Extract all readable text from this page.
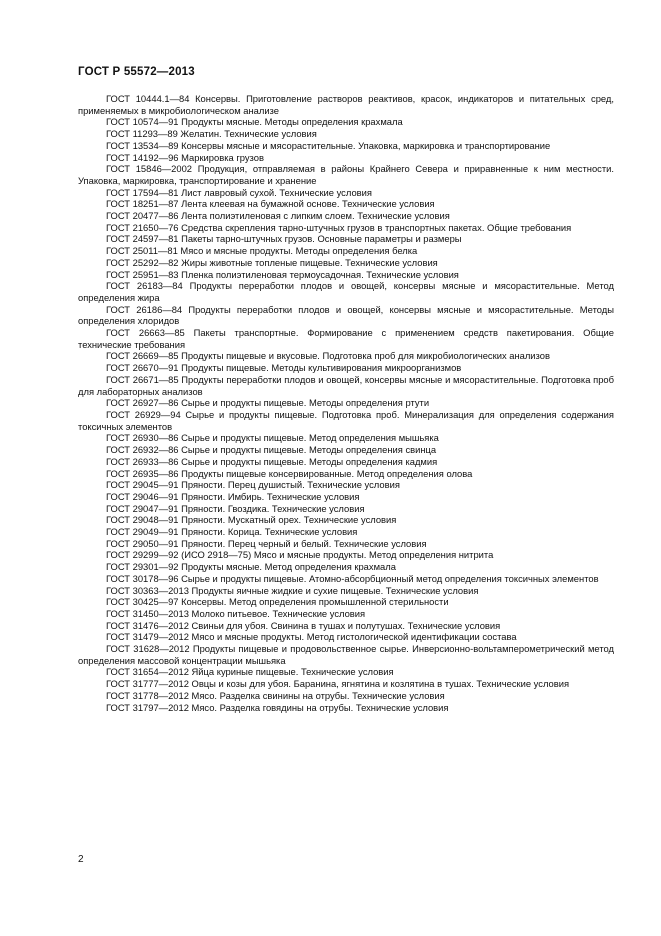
ГОСТ Р 55572—2013

ГОСТ 10444.1—84 Консервы. Приготовление растворов реактивов, красок, индикаторов и питательных сред, применяемых в микробиологическом анализе

ГОСТ 10574—91 Продукты мясные. Методы определения крахмала

ГОСТ 11293—89 Желатин. Технические условия

ГОСТ 13534—89 Консервы мясные и мясорастительные. Упаковка, маркировка и транспортирование

ГОСТ 14192—96 Маркировка грузов

ГОСТ 15846—2002 Продукция, отправляемая в районы Крайнего Севера и приравненные к ним местности. Упаковка, маркировка, транспортирование и хранение

ГОСТ 17594—81 Лист лавровый сухой. Технические условия

ГОСТ 18251—87 Лента клеевая на бумажной основе. Технические условия

ГОСТ 20477—86 Лента полиэтиленовая с липким слоем. Технические условия

ГОСТ 21650—76 Средства скрепления тарно-штучных грузов в транспортных пакетах. Общие требования

ГОСТ 24597—81 Пакеты тарно-штучных грузов. Основные параметры и размеры

ГОСТ 25011—81 Мясо и мясные продукты. Методы определения белка

ГОСТ 25292—82 Жиры животные топленые пищевые. Технические условия

ГОСТ 25951—83 Пленка полиэтиленовая термоусадочная. Технические условия

ГОСТ 26183—84 Продукты переработки плодов и овощей, консервы мясные и мясорастительные. Метод определения жира

ГОСТ 26186—84 Продукты переработки плодов и овощей, консервы мясные и мясорастительные. Методы определения хлоридов

ГОСТ 26663—85 Пакеты транспортные. Формирование с применением средств пакетирования. Общие технические требования

ГОСТ 26669—85 Продукты пищевые и вкусовые. Подготовка проб для микробиологических анализов

ГОСТ 26670—91 Продукты пищевые. Методы культивирования микроорганизмов

ГОСТ 26671—85 Продукты переработки плодов и овощей, консервы мясные и мясорастительные. Подготовка проб для лабораторных анализов

ГОСТ 26927—86 Сырье и продукты пищевые. Методы определения ртути

ГОСТ 26929—94 Сырье и продукты пищевые. Подготовка проб. Минерализация для определения содержания токсичных элементов

ГОСТ 26930—86 Сырье и продукты пищевые. Метод определения мышьяка

ГОСТ 26932—86 Сырье и продукты пищевые. Методы определения свинца

ГОСТ 26933—86 Сырье и продукты пищевые. Методы определения кадмия

ГОСТ 26935—86 Продукты пищевые консервированные. Метод определения олова

ГОСТ 29045—91 Пряности. Перец душистый. Технические условия

ГОСТ 29046—91 Пряности. Имбирь. Технические условия

ГОСТ 29047—91 Пряности. Гвоздика. Технические условия

ГОСТ 29048—91 Пряности. Мускатный орех. Технические условия

ГОСТ 29049—91 Пряности. Корица. Технические условия

ГОСТ 29050—91 Пряности. Перец черный и белый. Технические условия

ГОСТ 29299—92 (ИСО 2918—75) Мясо и мясные продукты. Метод определения нитрита

ГОСТ 29301—92 Продукты мясные. Метод определения крахмала

ГОСТ 30178—96 Сырье и продукты пищевые. Атомно-абсорбционный метод определения токсичных элементов

ГОСТ 30363—2013 Продукты яичные жидкие и сухие пищевые. Технические условия

ГОСТ 30425—97 Консервы. Метод определения промышленной стерильности

ГОСТ 31450—2013 Молоко питьевое. Технические условия

ГОСТ 31476—2012 Свиньи для убоя. Свинина в тушах и полутушах. Технические условия

ГОСТ 31479—2012 Мясо и мясные продукты. Метод гистологической идентификации состава

ГОСТ 31628—2012 Продукты пищевые и продовольственное сырье. Инверсионно-вольтамперометрический метод определения массовой концентрации мышьяка

ГОСТ 31654—2012 Яйца куриные пищевые. Технические условия

ГОСТ 31777—2012 Овцы и козы для убоя. Баранина, ягнятина и козлятина в тушах. Технические условия

ГОСТ 31778—2012 Мясо. Разделка свинины на отрубы. Технические условия

ГОСТ 31797—2012 Мясо. Разделка говядины на отрубы. Технические условия

2
